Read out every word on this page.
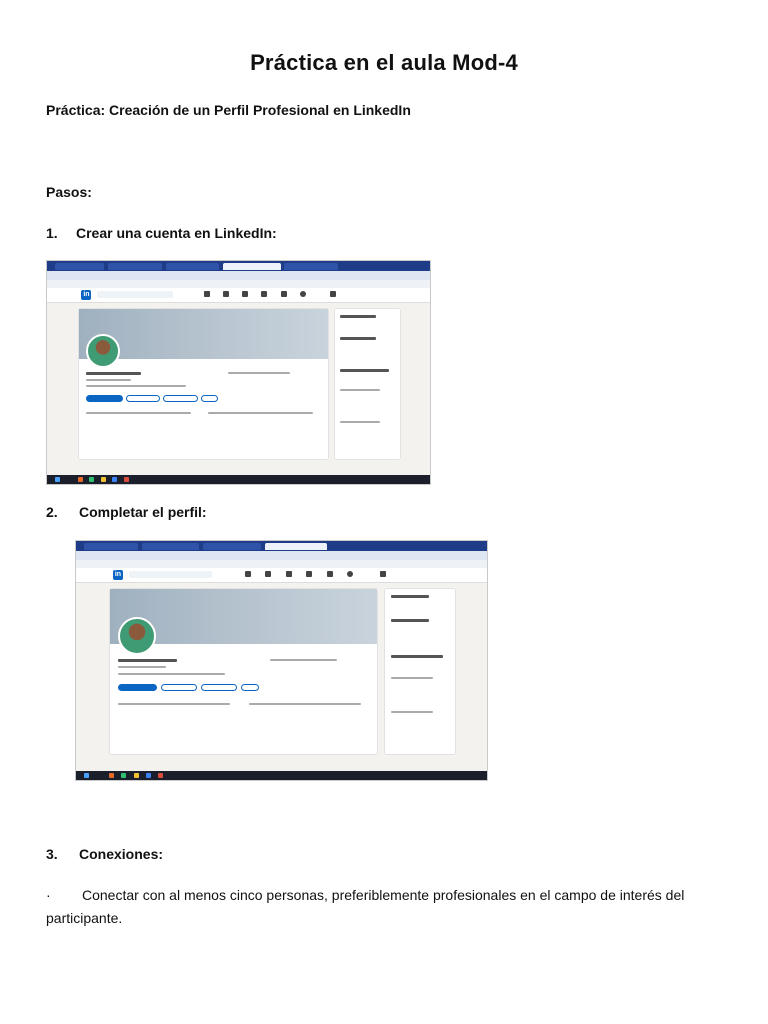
Práctica en el aula Mod-4
Práctica: Creación de un Perfil Profesional en LinkedIn
Pasos:
1.	Crear una cuenta en LinkedIn:
in
2.	Completar el perfil:
in
3.	Conexiones:
· Conectar con al menos cinco personas, preferiblemente profesionales en el campo de interés del participante.
